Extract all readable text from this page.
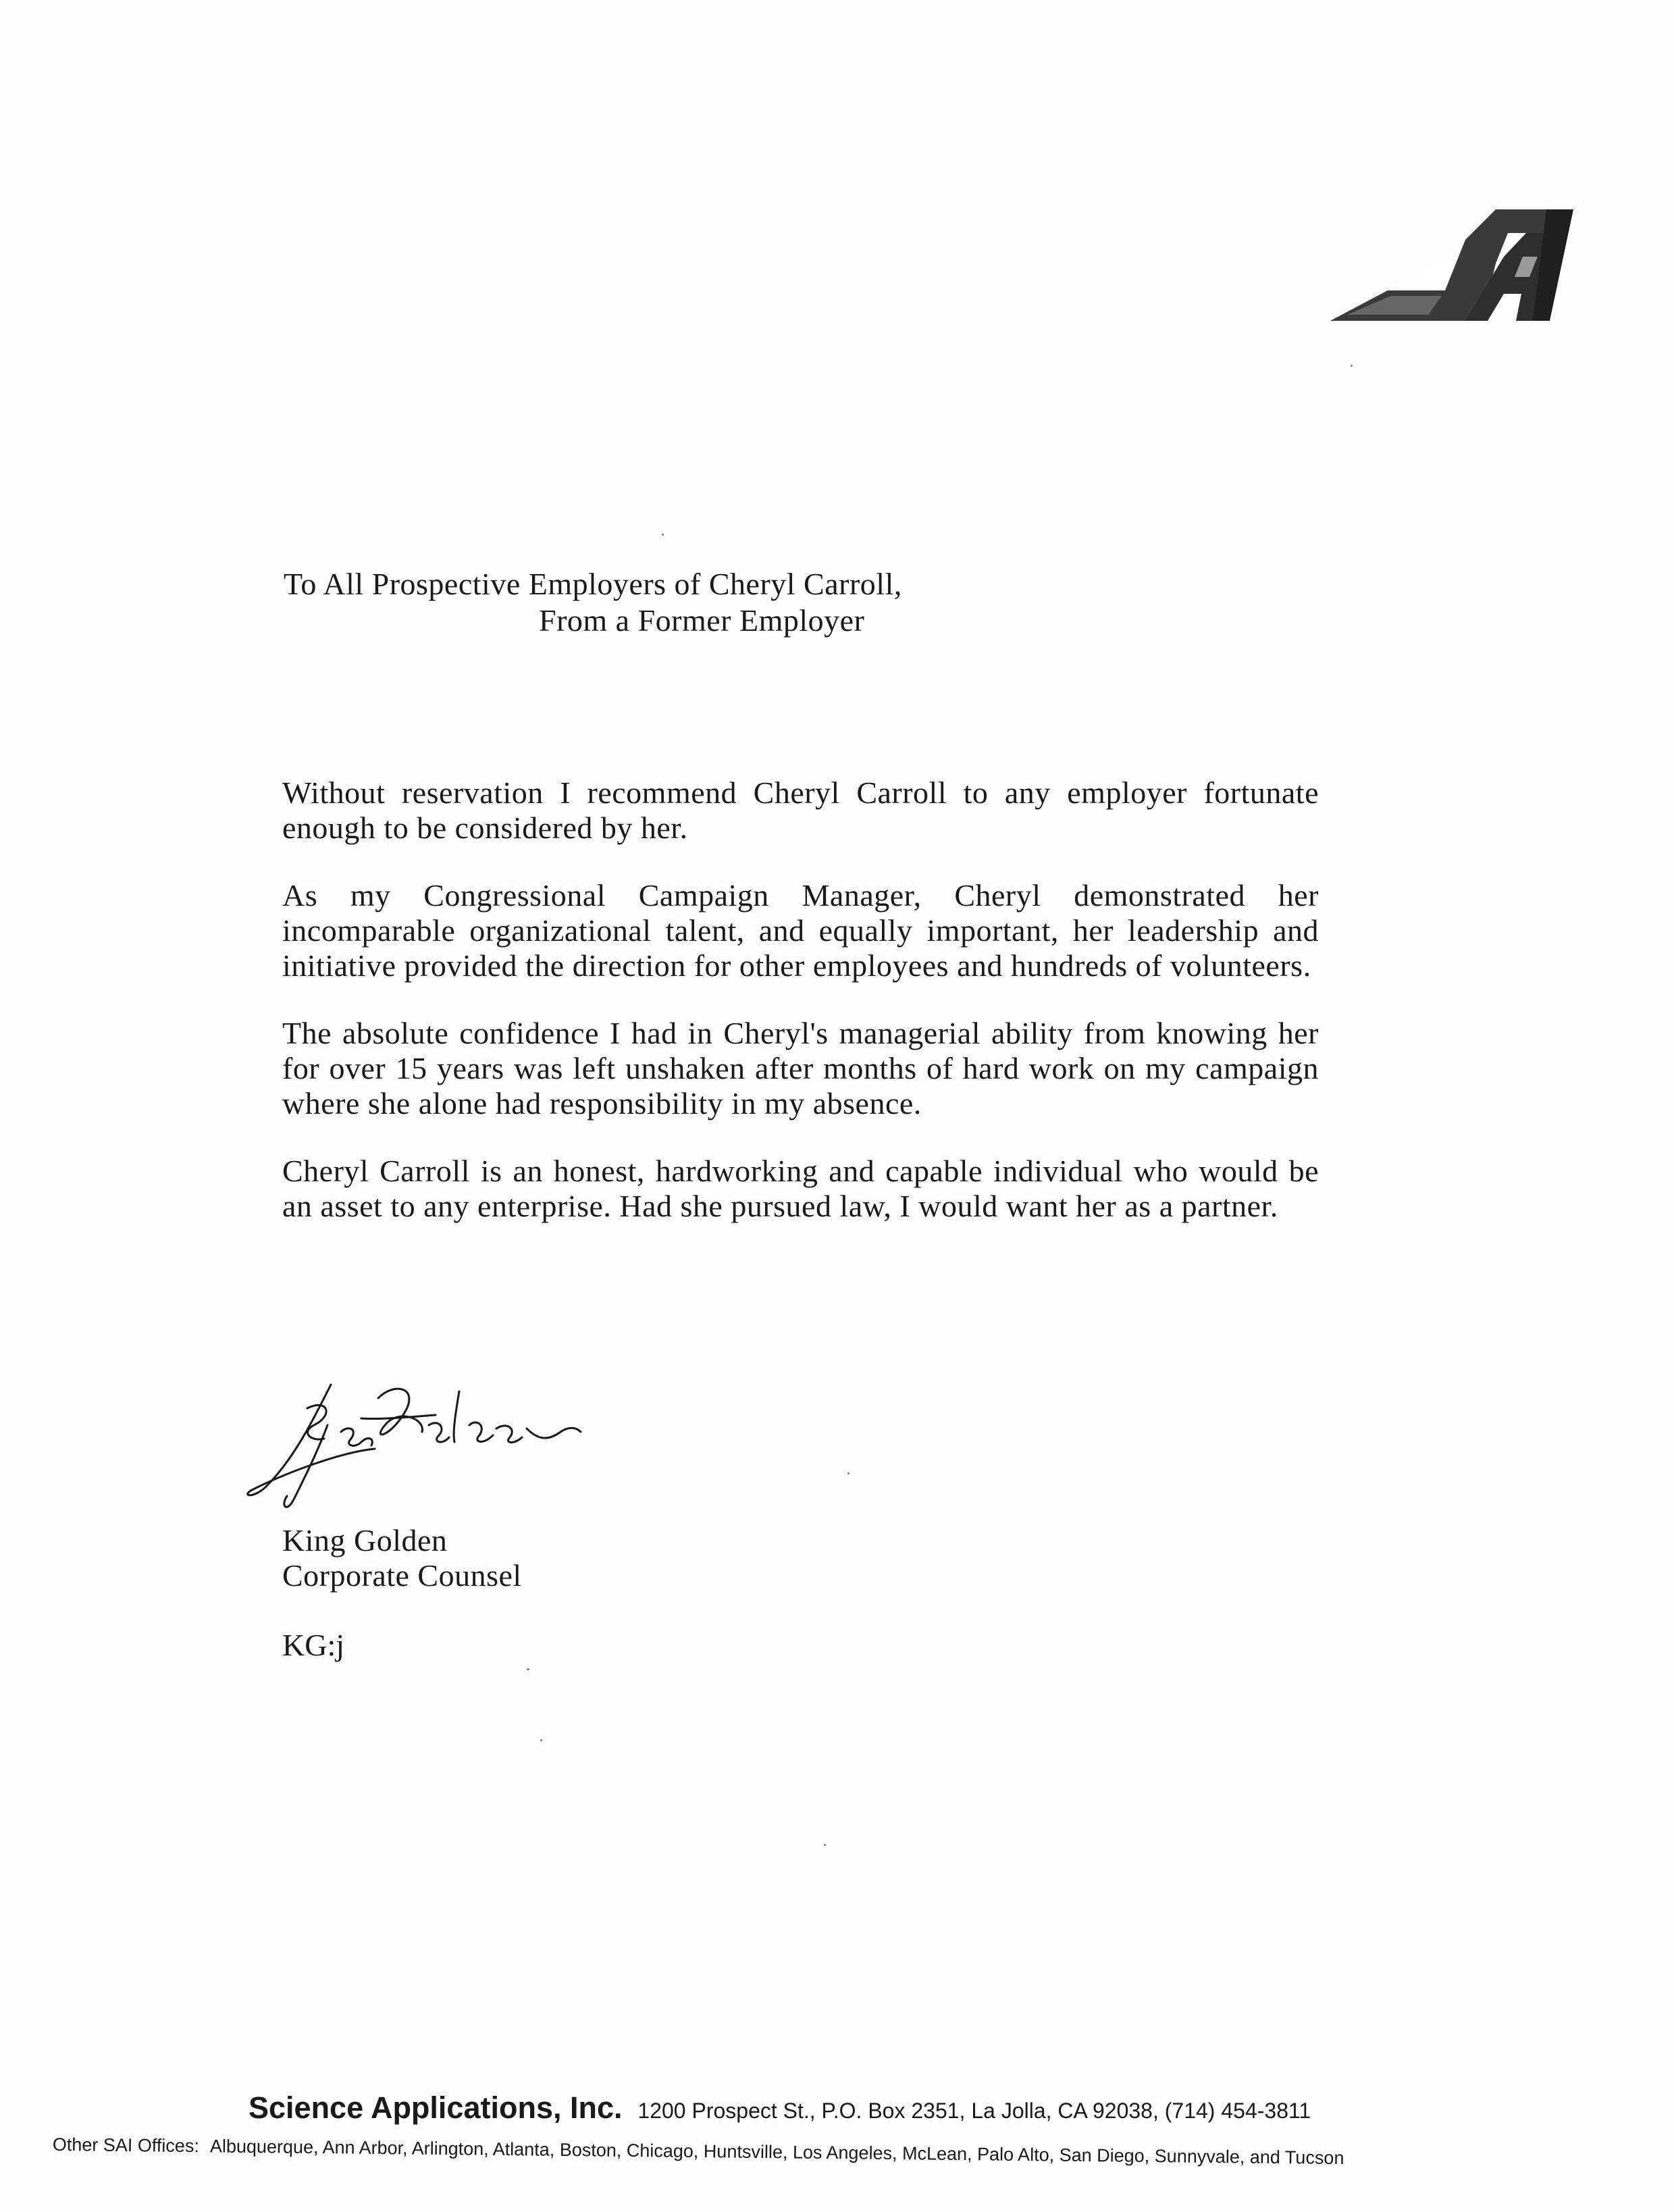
To All Prospective Employers of Cheryl Carroll,
From a Former Employer

Without reservation I recommend Cheryl Carroll to any employer fortunate enough to be considered by her.

As my Congressional Campaign Manager, Cheryl demonstrated her incomparable organizational talent, and equally important, her leadership and initiative provided the direction for other employees and hundreds of volunteers.

The absolute confidence I had in Cheryl's managerial ability from knowing her for over 15 years was left unshaken after months of hard work on my campaign where she alone had responsibility in my absence.

Cheryl Carroll is an honest, hardworking and capable individual who would be an asset to any enterprise. Had she pursued law, I would want her as a partner.

King Golden
Corporate Counsel
KG:j
Science Applications, Inc. 1200 Prospect St., P.O. Box 2351, La Jolla, CA 92038, (714) 454-3811
Other SAI Offices: Albuquerque, Ann Arbor, Arlington, Atlanta, Boston, Chicago, Huntsville, Los Angeles, McLean, Palo Alto, San Diego, Sunnyvale, and Tucson
